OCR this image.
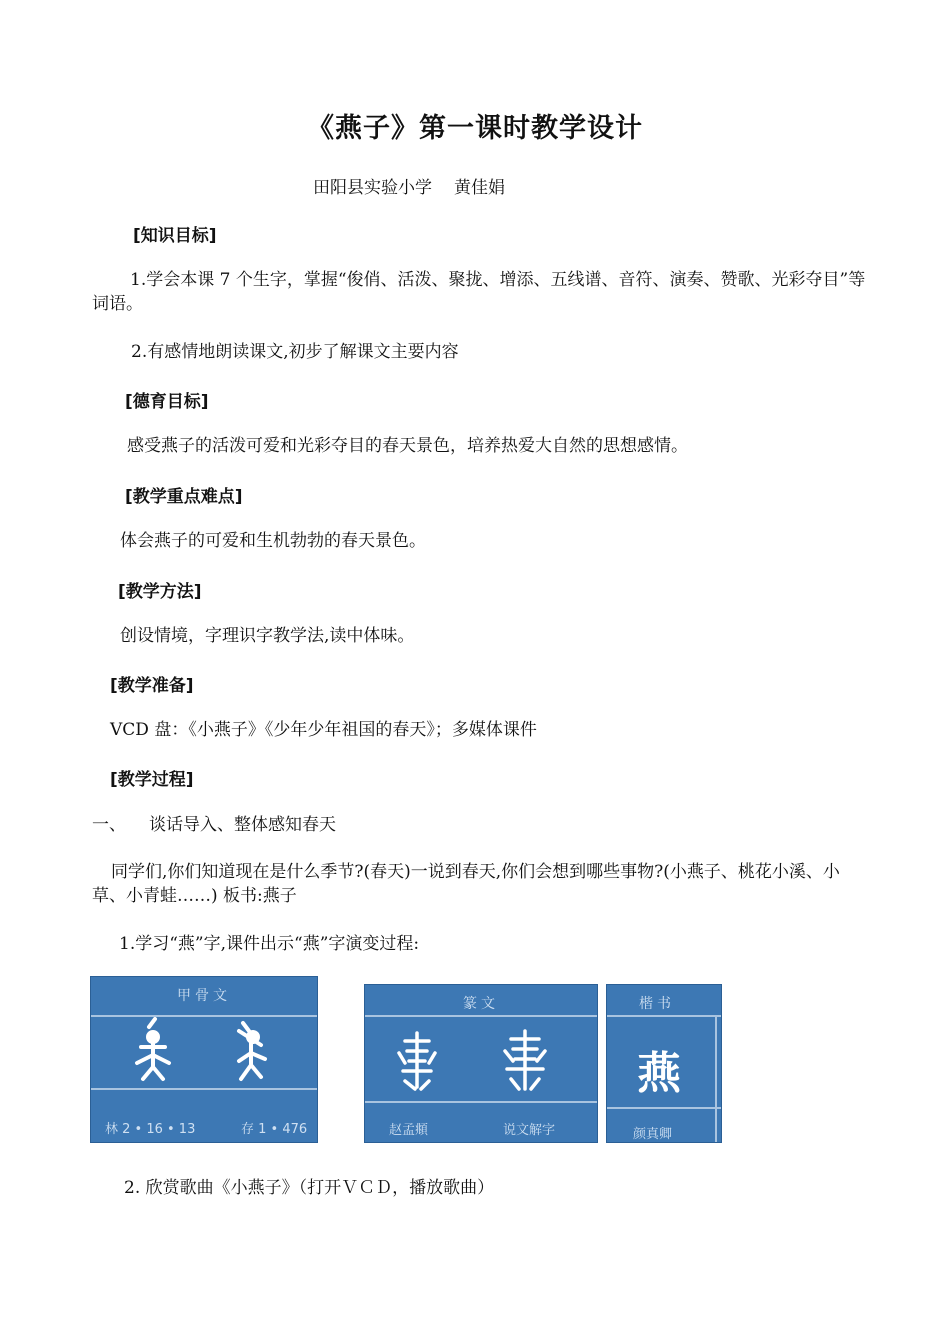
《燕子》第一课时教学设计
田阳县实验小学 黄佳娟
[知识目标]
1.学会本课 7 个生字，掌握“俊俏、活泼、聚拢、增添、五线谱、音符、演奏、赞歌、光彩夺目”等词语。
2.有感情地朗读课文,初步了解课文主要内容
[德育目标]
感受燕子的活泼可爱和光彩夺目的春天景色，培养热爱大自然的思想感情。
[教学重点难点]
体会燕子的可爱和生机勃勃的春天景色。
[教学方法]
创设情境，字理识字教学法,读中体味。
[教学准备]
VCD 盘：《小燕子》《少年少年祖国的春天》；多媒体课件
[教学过程]
一、 谈话导入、整体感知春天
同学们,你们知道现在是什么季节?(春天)一说到春天,你们会想到哪些事物?(小燕子、桃花小溪、小草、小青蛙……) 板书:燕子
1.学习“燕”字,课件出示“燕”字演变过程:
甲骨文
林 2 • 16 • 13	存 1 • 476
篆文
赵孟頫	说文解字
楷书
燕
颜真卿
2. 欣赏歌曲《小燕子》（打开ＶＣＤ，播放歌曲）
